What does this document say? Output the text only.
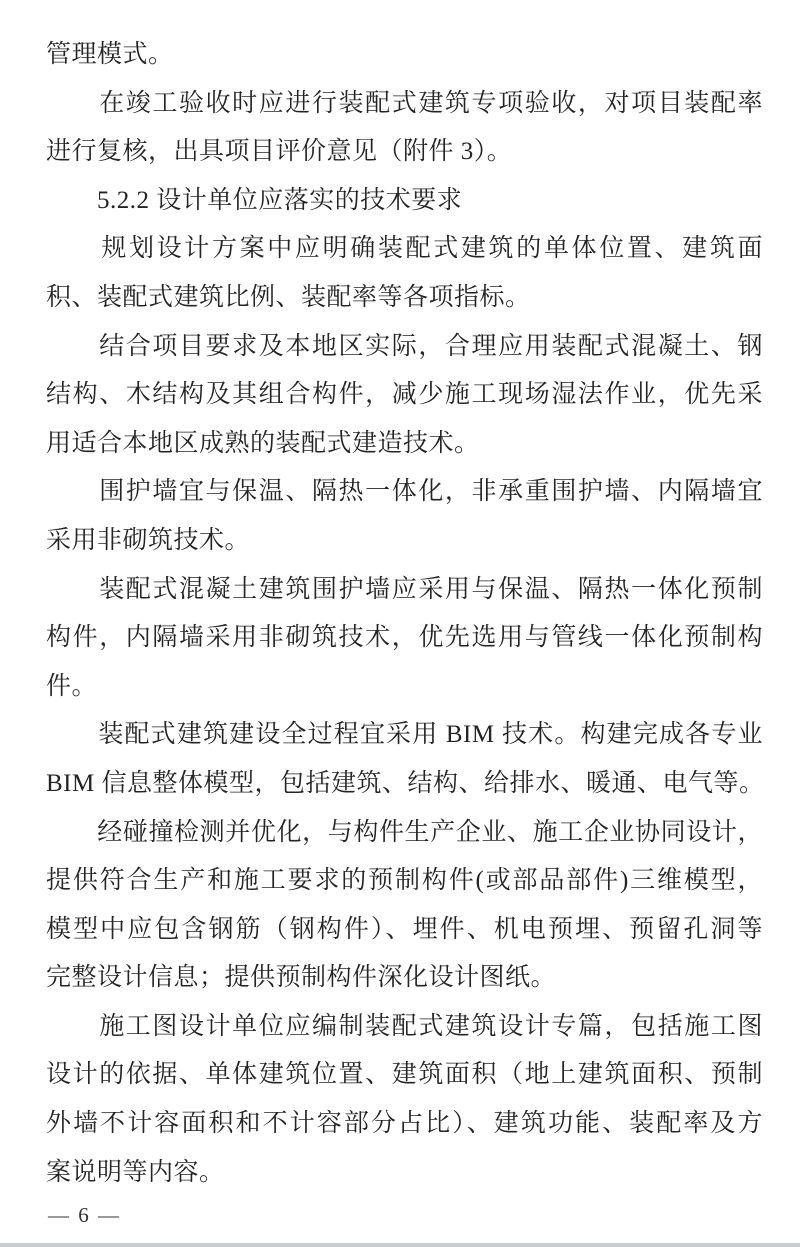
管理模式。
　　在竣工验收时应进行装配式建筑专项验收，对项目装配率
进行复核，出具项目评价意见（附件 3）。
　　5.2.2 设计单位应落实的技术要求
　　规划设计方案中应明确装配式建筑的单体位置、建筑面
积、装配式建筑比例、装配率等各项指标。
　　结合项目要求及本地区实际，合理应用装配式混凝土、钢
结构、木结构及其组合构件，减少施工现场湿法作业，优先采
用适合本地区成熟的装配式建造技术。
　　围护墙宜与保温、隔热一体化，非承重围护墙、内隔墙宜
采用非砌筑技术。
　　装配式混凝土建筑围护墙应采用与保温、隔热一体化预制
构件，内隔墙采用非砌筑技术，优先选用与管线一体化预制构
件。
　　装配式建筑建设全过程宜采用 BIM 技术。构建完成各专业
BIM 信息整体模型，包括建筑、结构、给排水、暖通、电气等。
　　经碰撞检测并优化，与构件生产企业、施工企业协同设计，
提供符合生产和施工要求的预制构件(或部品部件)三维模型，
模型中应包含钢筋（钢构件）、埋件、机电预埋、预留孔洞等
完整设计信息；提供预制构件深化设计图纸。
　　施工图设计单位应编制装配式建筑设计专篇，包括施工图
设计的依据、单体建筑位置、建筑面积（地上建筑面积、预制
外墙不计容面积和不计容部分占比）、建筑功能、装配率及方
案说明等内容。
— 6 —
